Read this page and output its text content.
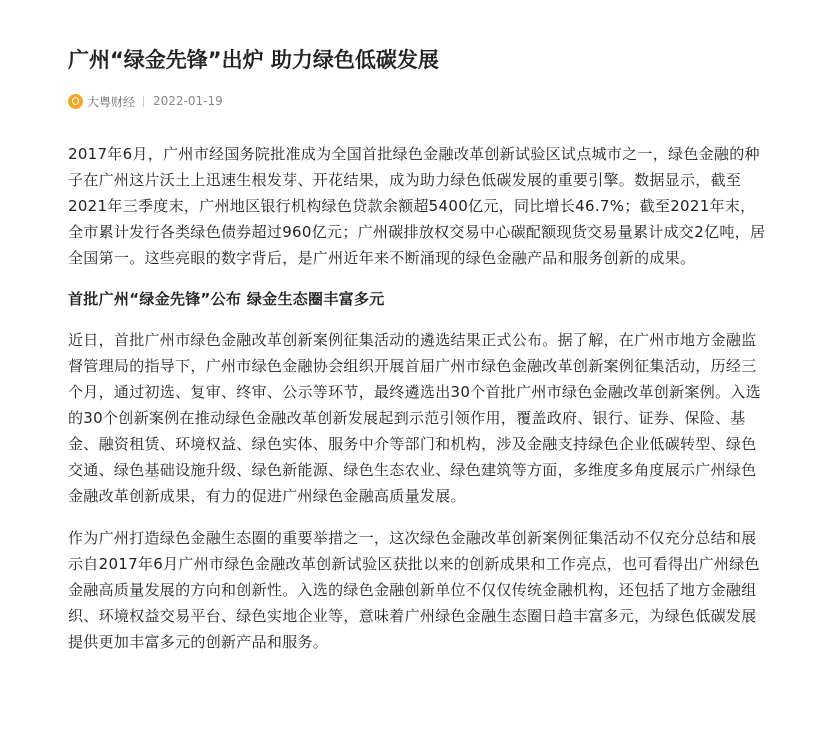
广州“绿金先锋”出炉 助力绿色低碳发展
大粤财经 2022-01-19

2017年6月，广州市经国务院批准成为全国首批绿色金融改革创新试验区试点城市之一，绿色金融的种子在广州这片沃土上迅速生根发芽、开花结果，成为助力绿色低碳发展的重要引擎。数据显示，截至2021年三季度末，广州地区银行机构绿色贷款余额超5400亿元，同比增长46.7%；截至2021年末，全市累计发行各类绿色债券超过960亿元；广州碳排放权交易中心碳配额现货交易量累计成交2亿吨，居全国第一。这些亮眼的数字背后，是广州近年来不断涌现的绿色金融产品和服务创新的成果。

首批广州“绿金先锋”公布 绿金生态圈丰富多元

近日，首批广州市绿色金融改革创新案例征集活动的遴选结果正式公布。据了解，在广州市地方金融监督管理局的指导下，广州市绿色金融协会组织开展首届广州市绿色金融改革创新案例征集活动，历经三个月，通过初选、复审、终审、公示等环节，最终遴选出30个首批广州市绿色金融改革创新案例。入选的30个创新案例在推动绿色金融改革创新发展起到示范引领作用，覆盖政府、银行、证券、保险、基金、融资租赁、环境权益、绿色实体、服务中介等部门和机构，涉及金融支持绿色企业低碳转型、绿色交通、绿色基础设施升级、绿色新能源、绿色生态农业、绿色建筑等方面，多维度多角度展示广州绿色金融改革创新成果，有力的促进广州绿色金融高质量发展。

作为广州打造绿色金融生态圈的重要举措之一，这次绿色金融改革创新案例征集活动不仅充分总结和展示自2017年6月广州市绿色金融改革创新试验区获批以来的创新成果和工作亮点，也可看得出广州绿色金融高质量发展的方向和创新性。入选的绿色金融创新单位不仅仅传统金融机构，还包括了地方金融组织、环境权益交易平台、绿色实地企业等，意味着广州绿色金融生态圈日趋丰富多元，为绿色低碳发展提供更加丰富多元的创新产品和服务。
